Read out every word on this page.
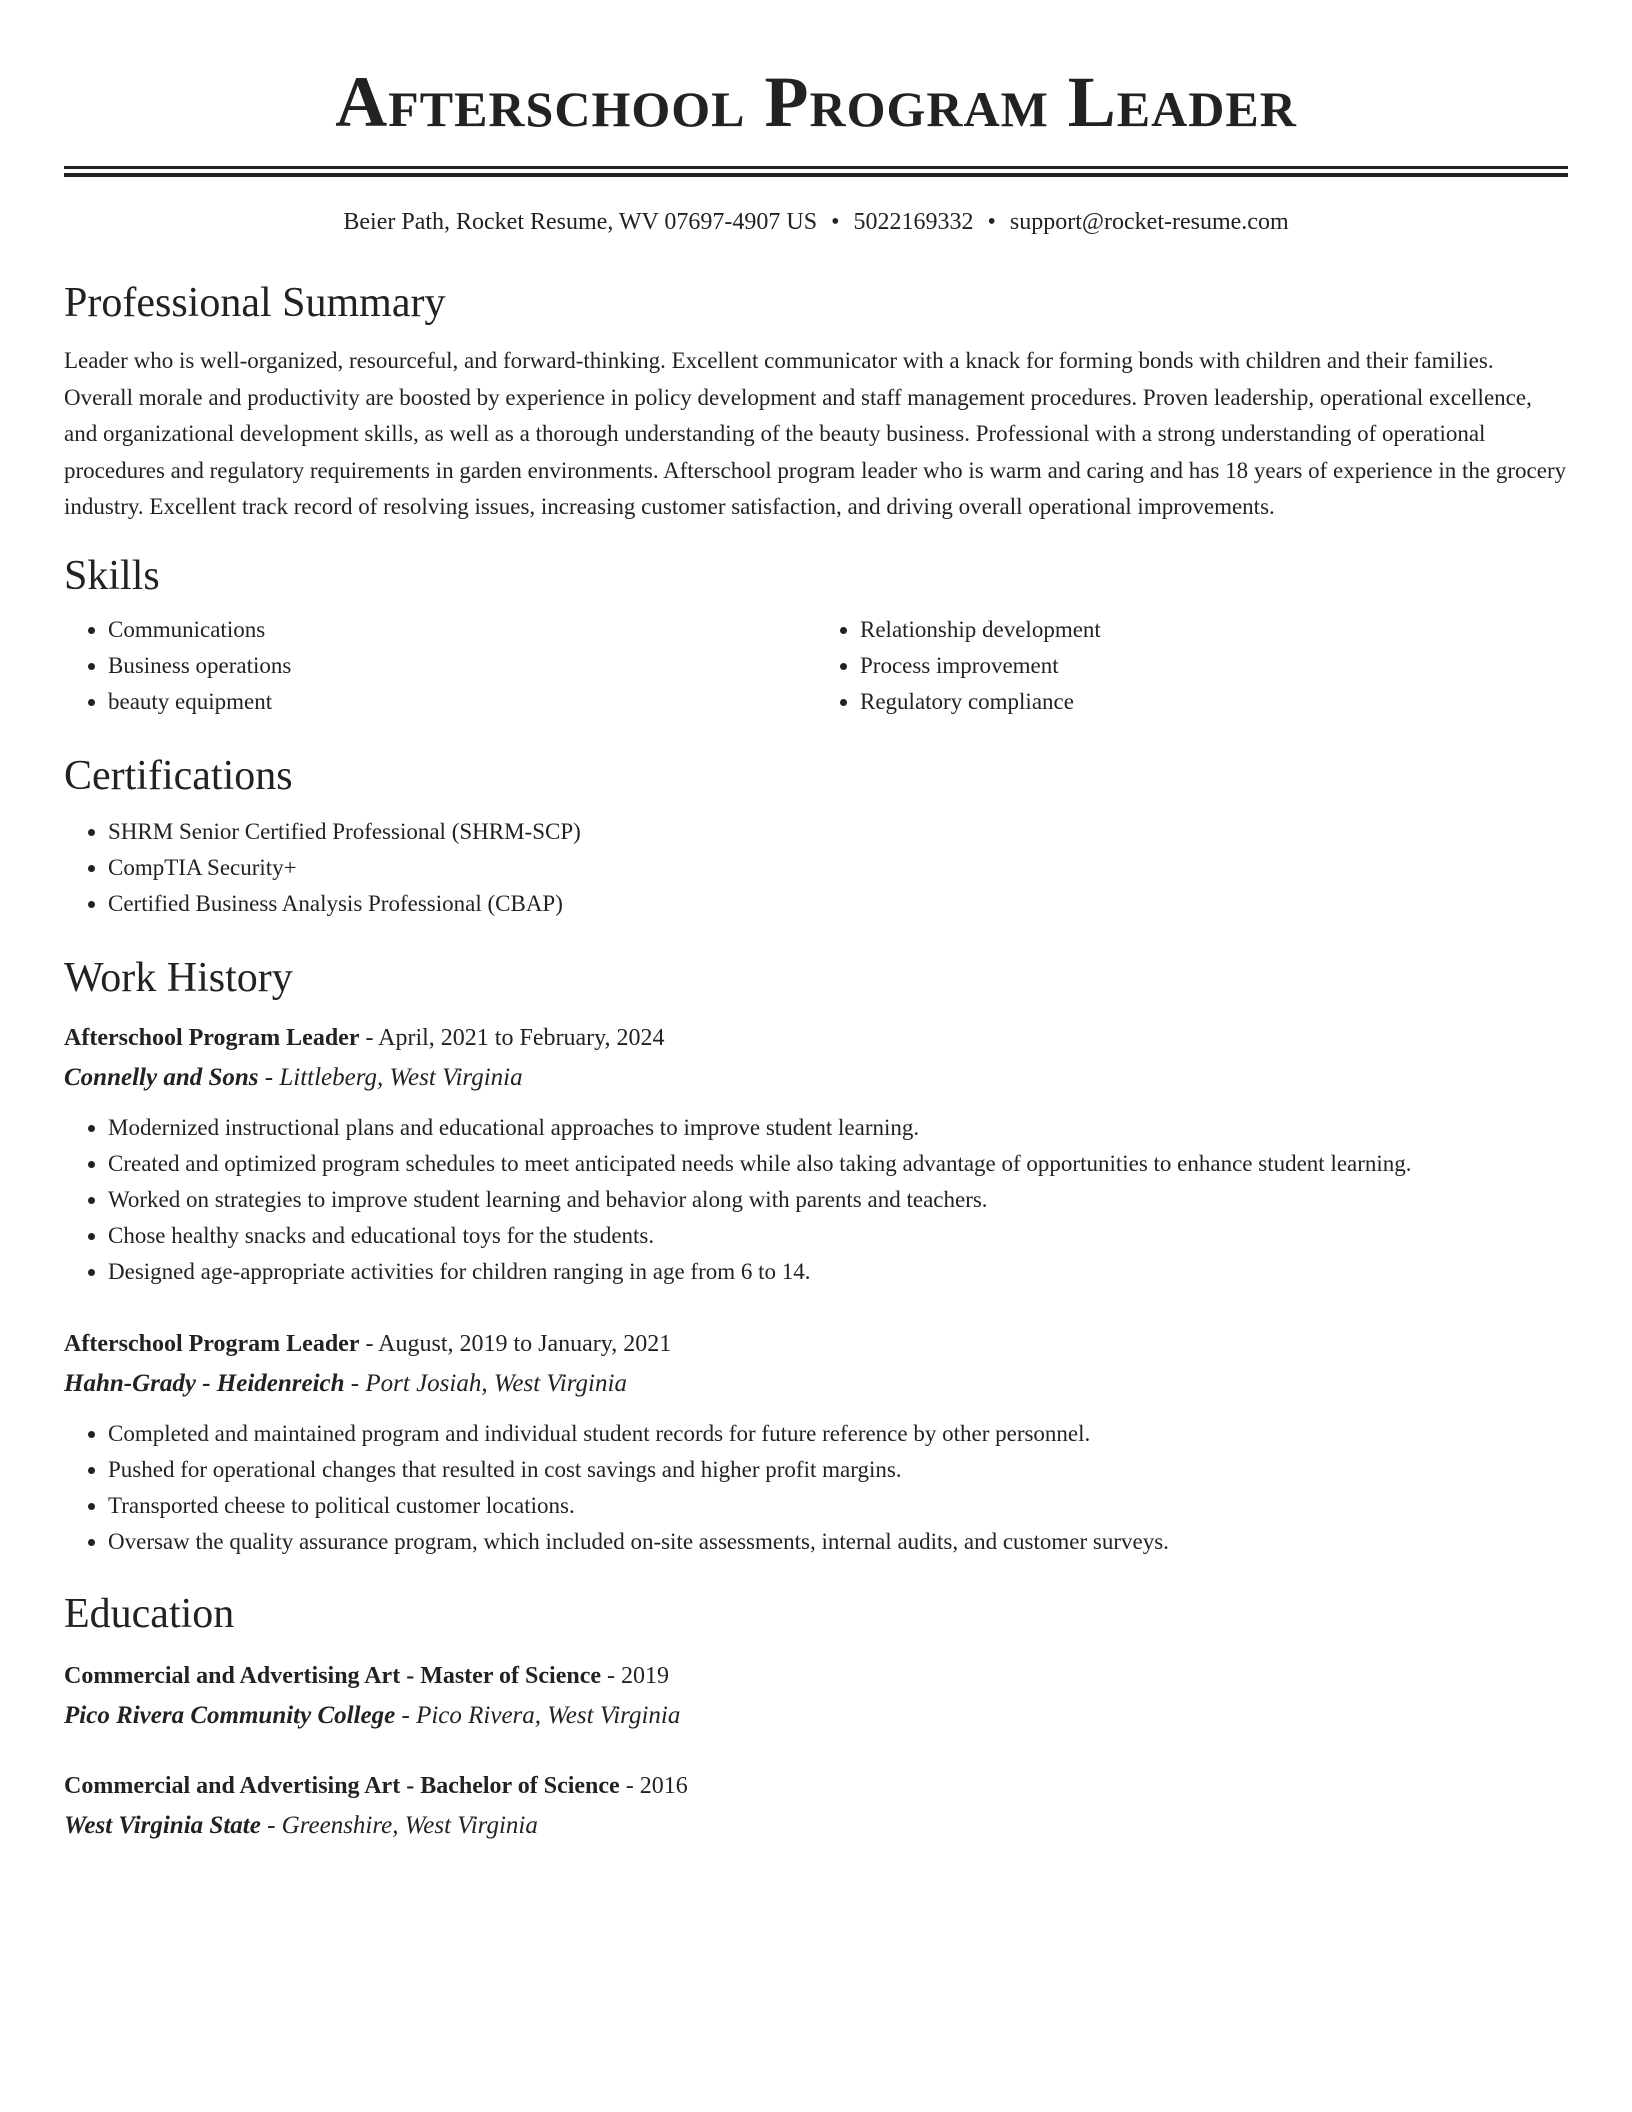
Afterschool Program Leader
Beier Path, Rocket Resume, WV 07697-4907 US • 5022169332 • support@rocket-resume.com
Professional Summary
Leader who is well-organized, resourceful, and forward-thinking. Excellent communicator with a knack for forming bonds with children and their families. Overall morale and productivity are boosted by experience in policy development and staff management procedures. Proven leadership, operational excellence, and organizational development skills, as well as a thorough understanding of the beauty business. Professional with a strong understanding of operational procedures and regulatory requirements in garden environments. Afterschool program leader who is warm and caring and has 18 years of experience in the grocery industry. Excellent track record of resolving issues, increasing customer satisfaction, and driving overall operational improvements.
Skills
• Communications
• Business operations
• beauty equipment
• Relationship development
• Process improvement
• Regulatory compliance
Certifications
• SHRM Senior Certified Professional (SHRM-SCP)
• CompTIA Security+
• Certified Business Analysis Professional (CBAP)
Work History
Afterschool Program Leader - April, 2021 to February, 2024
Connelly and Sons - Littleberg, West Virginia
• Modernized instructional plans and educational approaches to improve student learning.
• Created and optimized program schedules to meet anticipated needs while also taking advantage of opportunities to enhance student learning.
• Worked on strategies to improve student learning and behavior along with parents and teachers.
• Chose healthy snacks and educational toys for the students.
• Designed age-appropriate activities for children ranging in age from 6 to 14.
Afterschool Program Leader - August, 2019 to January, 2021
Hahn-Grady - Heidenreich - Port Josiah, West Virginia
• Completed and maintained program and individual student records for future reference by other personnel.
• Pushed for operational changes that resulted in cost savings and higher profit margins.
• Transported cheese to political customer locations.
• Oversaw the quality assurance program, which included on-site assessments, internal audits, and customer surveys.
Education
Commercial and Advertising Art - Master of Science - 2019
Pico Rivera Community College - Pico Rivera, West Virginia
Commercial and Advertising Art - Bachelor of Science - 2016
West Virginia State - Greenshire, West Virginia
